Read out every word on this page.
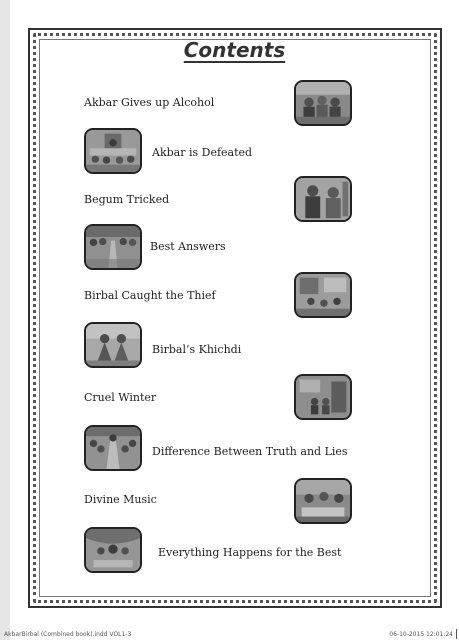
Contents
Akbar Gives up Alcohol
Akbar is Defeated
Begum Tricked
Best Answers
Birbal Caught the Thief
Birbal’s Khichdi
Cruel Winter
Difference Between Truth and Lies
Divine Music
Everything Happens for the Best
AkbarBirbal (Combined book).indd VOL1-3	06-10-2015 12:01:24
